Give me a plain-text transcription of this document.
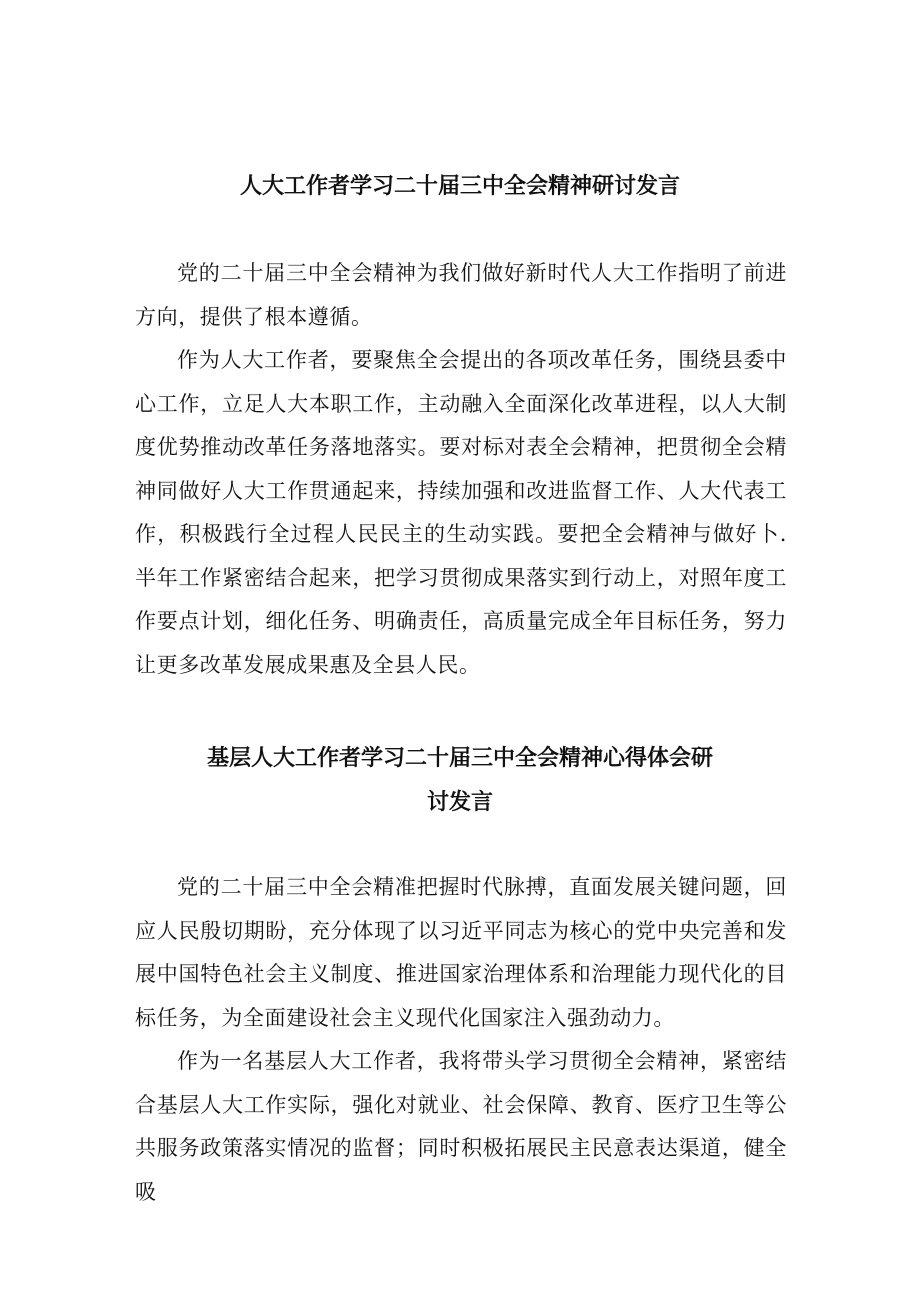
人大工作者学习二十届三中全会精神研讨发言

党的二十届三中全会精神为我们做好新时代人大工作指明了前进方向，提供了根本遵循。

作为人大工作者，要聚焦全会提出的各项改革任务，围绕县委中心工作，立足人大本职工作，主动融入全面深化改革进程，以人大制度优势推动改革任务落地落实。要对标对表全会精神，把贯彻全会精神同做好人大工作贯通起来，持续加强和改进监督工作、人大代表工作，积极践行全过程人民民主的生动实践。要把全会精神与做好卜.半年工作紧密结合起来，把学习贯彻成果落实到行动上，对照年度工作要点计划，细化任务、明确责任，高质量完成全年目标任务，努力让更多改革发展成果惠及全县人民。

基层人大工作者学习二十届三中全会精神心得体会研
讨发言

党的二十届三中全会精准把握时代脉搏，直面发展关键问题，回应人民殷切期盼，充分体现了以习近平同志为核心的党中央完善和发展中国特色社会主义制度、推进国家治理体系和治理能力现代化的目标任务，为全面建设社会主义现代化国家注入强劲动力。

作为一名基层人大工作者，我将带头学习贯彻全会精神，紧密结合基层人大工作实际，强化对就业、社会保障、教育、医疗卫生等公共服务政策落实情况的监督；同时积极拓展民主民意表达渠道，健全吸
